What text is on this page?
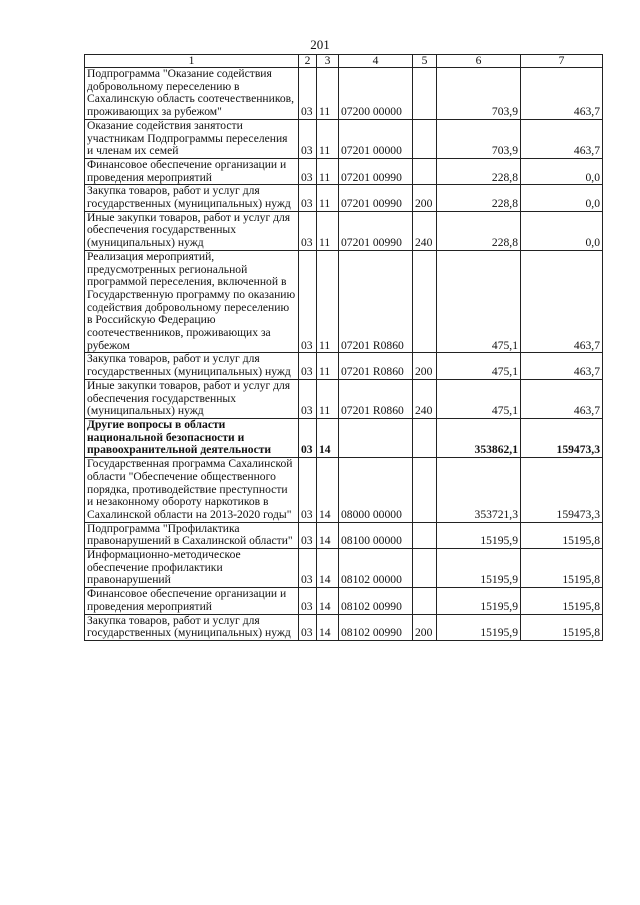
201
1	2	3	4	5	6	7
Подпрограмма "Оказание содействия добровольному переселению в Сахалинскую область соотечественников, проживающих за рубежом"	03	11	07200 00000		703,9	463,7
Оказание содействия занятости участникам Подпрограммы переселения и членам их семей	03	11	07201 00000		703,9	463,7
Финансовое обеспечение организации и проведения мероприятий	03	11	07201 00990		228,8	0,0
Закупка товаров, работ и услуг для государственных (муниципальных) нужд	03	11	07201 00990	200	228,8	0,0
Иные закупки товаров, работ и услуг для обеспечения государственных (муниципальных) нужд	03	11	07201 00990	240	228,8	0,0
Реализация мероприятий, предусмотренных региональной программой переселения, включенной в Государственную программу по оказанию содействия добровольному переселению в Российскую Федерацию соотечественников, проживающих за рубежом	03	11	07201 R0860		475,1	463,7
Закупка товаров, работ и услуг для государственных (муниципальных) нужд	03	11	07201 R0860	200	475,1	463,7
Иные закупки товаров, работ и услуг для обеспечения государственных (муниципальных) нужд	03	11	07201 R0860	240	475,1	463,7
Другие вопросы в области национальной безопасности и правоохранительной деятельности	03	14			353862,1	159473,3
Государственная программа Сахалинской области "Обеспечение общественного порядка, противодействие преступности и незаконному обороту наркотиков в Сахалинской области на 2013-2020 годы"	03	14	08000 00000		353721,3	159473,3
Подпрограмма "Профилактика правонарушений в Сахалинской области"	03	14	08100 00000		15195,9	15195,8
Информационно-методическое обеспечение профилактики правонарушений	03	14	08102 00000		15195,9	15195,8
Финансовое обеспечение организации и проведения мероприятий	03	14	08102 00990		15195,9	15195,8
Закупка товаров, работ и услуг для государственных (муниципальных) нужд	03	14	08102 00990	200	15195,9	15195,8
